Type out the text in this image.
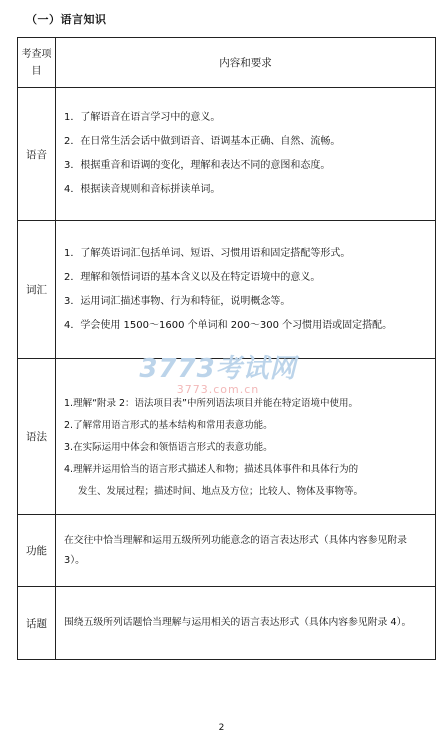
（一）语言知识
考查项目	内容和要求
语音	1．了解语音在语言学习中的意义。
2．在日常生活会话中做到语音、语调基本正确、自然、流畅。
3．根据重音和语调的变化，理解和表达不同的意图和态度。
4．根据读音规则和音标拼读单词。

词汇	1．了解英语词汇包括单词、短语、习惯用语和固定搭配等形式。
2．理解和领悟词语的基本含义以及在特定语境中的意义。
3．运用词汇描述事物、行为和特征，说明概念等。
4．学会使用 1500～1600 个单词和 200～300 个习惯用语或固定搭配。

语法	1.理解“附录 2：语法项目表”中所列语法项目并能在特定语境中使用。
2.了解常用语言形式的基本结构和常用表意功能。
3.在实际运用中体会和领悟语言形式的表意功能。
4.理解并运用恰当的语言形式描述人和物；描述具体事件和具体行为的
发生、发展过程；描述时间、地点及方位；比较人、物体及事物等。

功能	在交往中恰当理解和运用五级所列功能意念的语言表达形式（具体内容参见附录 3）。
话题	围绕五级所列话题恰当理解与运用相关的语言表达形式（具体内容参见附录 4）。
3773考试网
3773.com.cn
2
